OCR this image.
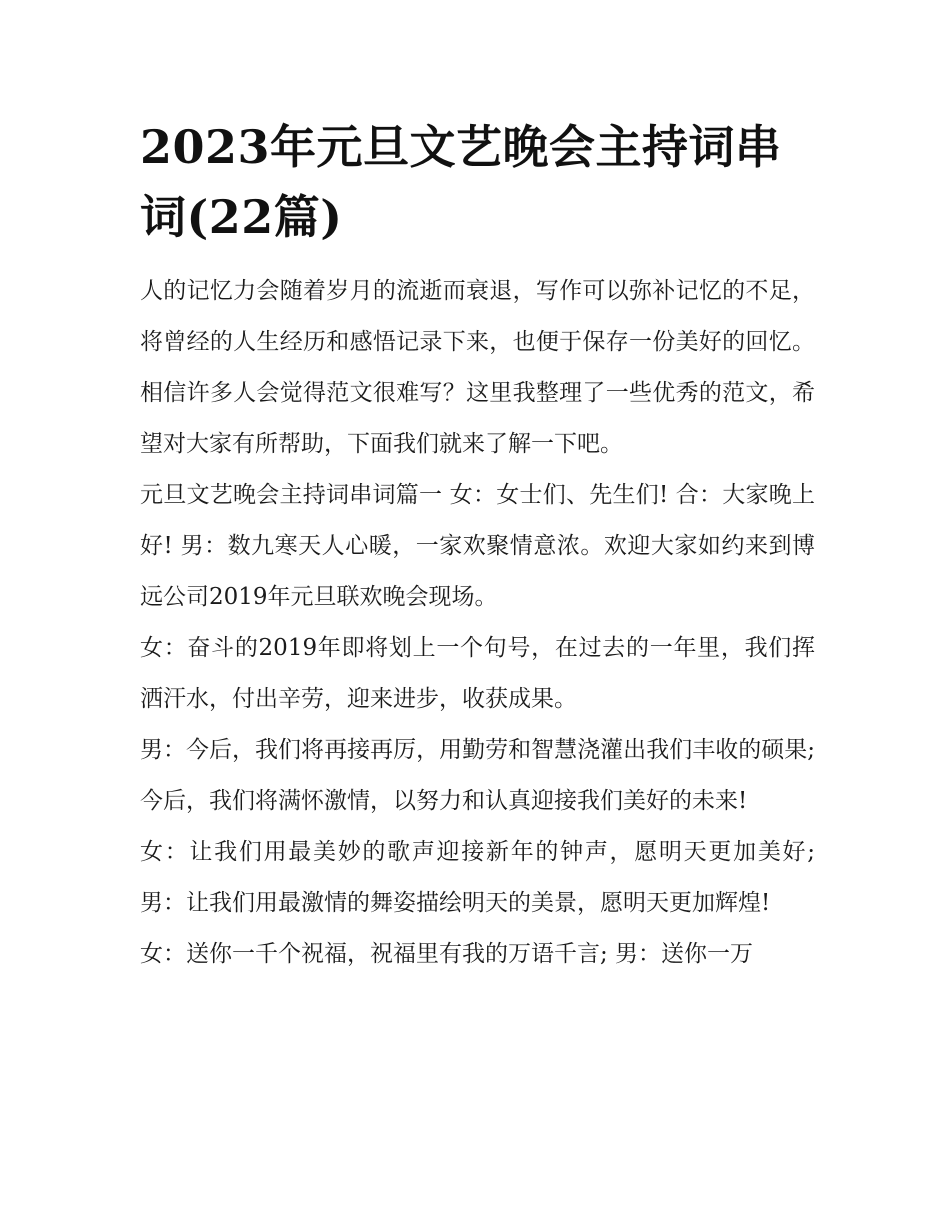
2023年元旦文艺晚会主持词串词(22篇)

人的记忆力会随着岁月的流逝而衰退，写作可以弥补记忆的不足，将曾经的人生经历和感悟记录下来，也便于保存一份美好的回忆。相信许多人会觉得范文很难写？这里我整理了一些优秀的范文，希望对大家有所帮助，下面我们就来了解一下吧。

元旦文艺晚会主持词串词篇一 女：女士们、先生们! 合：大家晚上好! 男：数九寒天人心暖，一家欢聚情意浓。欢迎大家如约来到博远公司2019年元旦联欢晚会现场。

女：奋斗的2019年即将划上一个句号，在过去的一年里，我们挥洒汗水，付出辛劳，迎来进步，收获成果。

男：今后，我们将再接再厉，用勤劳和智慧浇灌出我们丰收的硕果;今后，我们将满怀激情，以努力和认真迎接我们美好的未来!

女：让我们用最美妙的歌声迎接新年的钟声，愿明天更加美好; 男：让我们用最激情的舞姿描绘明天的美景，愿明天更加辉煌!

女：送你一千个祝福，祝福里有我的万语千言; 男：送你一万
